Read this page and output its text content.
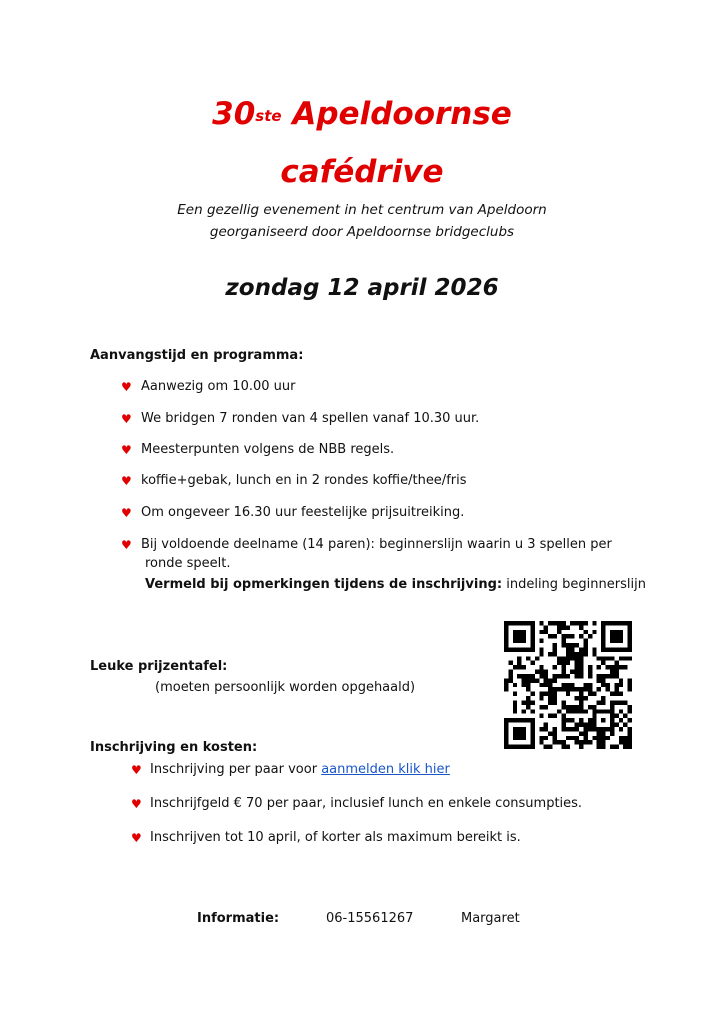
30ste Apeldoornse
cafédrive
Een gezellig evenement in het centrum van Apeldoorn
georganiseerd door Apeldoornse bridgeclubs
zondag 12 april 2026
Aanvangstijd en programma:
♥ Aanwezig om 10.00 uur
♥ We bridgen 7 ronden van 4 spellen vanaf 10.30 uur.
♥ Meesterpunten volgens de NBB regels.
♥ koffie+gebak, lunch en in 2 rondes koffie/thee/fris
♥ Om ongeveer 16.30 uur feestelijke prijsuitreiking.
♥ Bij voldoende deelname (14 paren): beginnerslijn waarin u 3 spellen per
ronde speelt.
Vermeld bij opmerkingen tijdens de inschrijving: indeling beginnerslijn
Leuke prijzentafel:
(moeten persoonlijk worden opgehaald)
Inschrijving en kosten:
♥ Inschrijving per paar voor aanmelden klik hier
♥ Inschrijfgeld € 70 per paar, inclusief lunch en enkele consumpties.
♥ Inschrijven tot 10 april, of korter als maximum bereikt is.
Informatie:	06-15561267	Margaret
